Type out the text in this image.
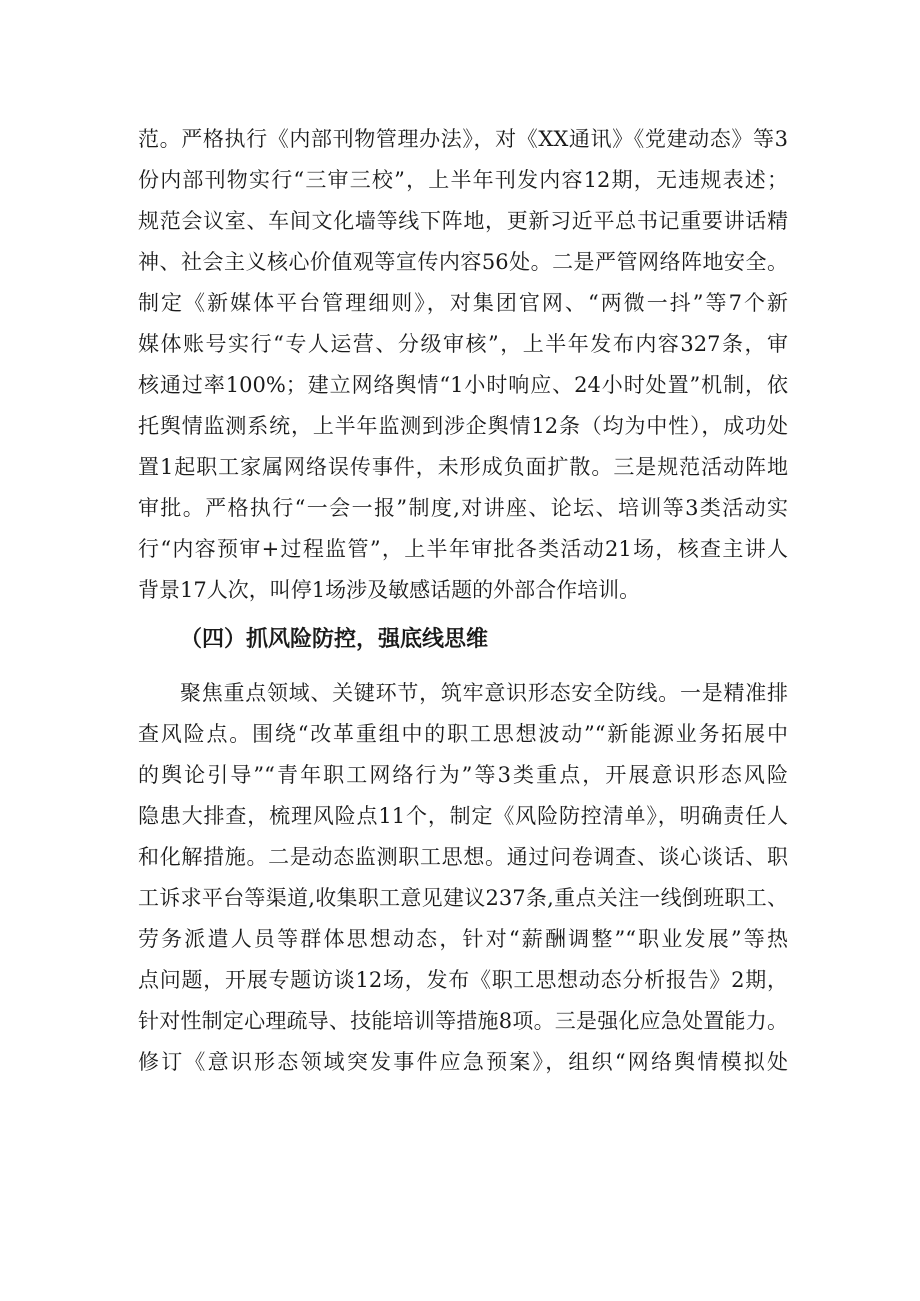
范。严格执行《内部刊物管理办法》，对《XX通讯》《党建动态》等3
份内部刊物实行“三审三校”，上半年刊发内容12期，无违规表述；
规范会议室、车间文化墙等线下阵地，更新习近平总书记重要讲话精
神、社会主义核心价值观等宣传内容56处。二是严管网络阵地安全。
制定《新媒体平台管理细则》，对集团官网、“两微一抖”等7个新
媒体账号实行“专人运营、分级审核”，上半年发布内容327条，审
核通过率100%；建立网络舆情“1小时响应、24小时处置”机制，依
托舆情监测系统，上半年监测到涉企舆情12条（均为中性），成功处
置1起职工家属网络误传事件，未形成负面扩散。三是规范活动阵地
审批。严格执行“一会一报”制度,对讲座、论坛、培训等3类活动实
行“内容预审+过程监管”，上半年审批各类活动21场，核查主讲人
背景17人次，叫停1场涉及敏感话题的外部合作培训。
（四）抓风险防控，强底线思维
聚焦重点领域、关键环节，筑牢意识形态安全防线。一是精准排
查风险点。围绕“改革重组中的职工思想波动”“新能源业务拓展中
的舆论引导”“青年职工网络行为”等3类重点，开展意识形态风险
隐患大排查，梳理风险点11个，制定《风险防控清单》，明确责任人
和化解措施。二是动态监测职工思想。通过问卷调查、谈心谈话、职
工诉求平台等渠道,收集职工意见建议237条,重点关注一线倒班职工、
劳务派遣人员等群体思想动态，针对“薪酬调整”“职业发展”等热
点问题，开展专题访谈12场，发布《职工思想动态分析报告》2期，
针对性制定心理疏导、技能培训等措施8项。三是强化应急处置能力。
修订《意识形态领域突发事件应急预案》，组织“网络舆情模拟处
